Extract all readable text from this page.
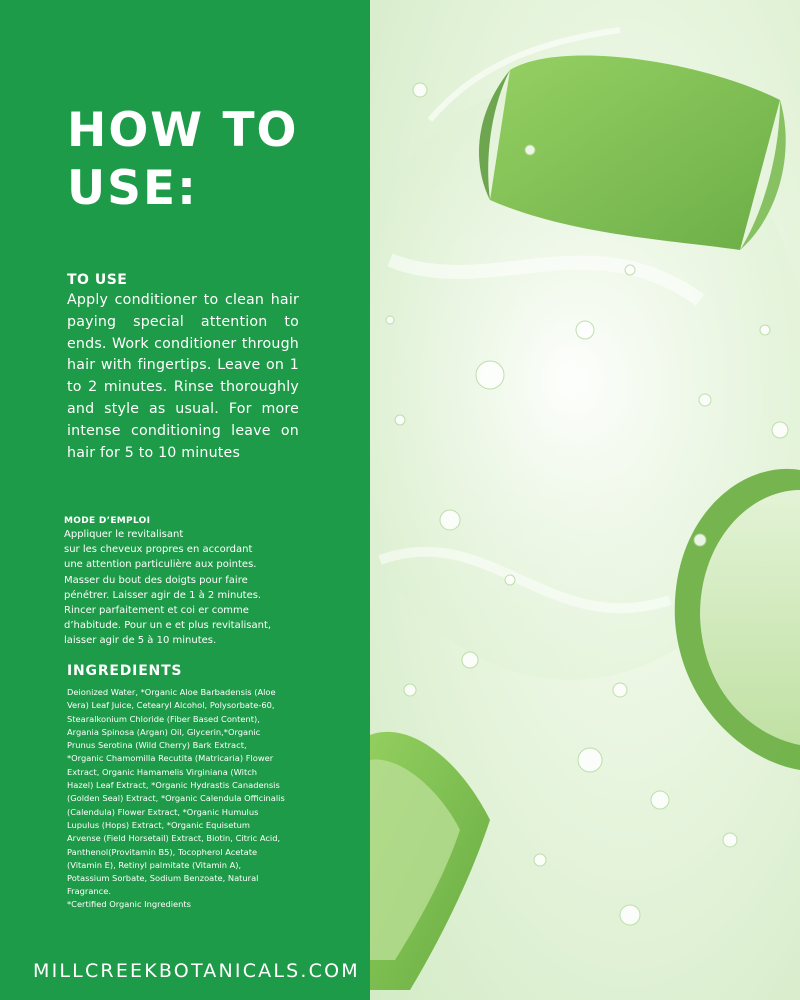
HOW TO
USE:
TO USE

Apply conditioner to clean hair paying special attention to ends. Work conditioner through hair with fingertips. Leave on 1 to 2 minutes. Rinse thoroughly and style as usual. For more intense conditioning leave on hair for 5 to 10 minutes

MODE D’EMPLOI

Appliquer le revitalisant
sur les cheveux propres en accordant
une attention particulière aux pointes.
Masser du bout des doigts pour faire
pénétrer. Laisser agir de 1 à 2 minutes.
Rincer parfaitement et coi er comme
d’habitude. Pour un e et plus revitalisant,
laisser agir de 5 à 10 minutes.

INGREDIENTS

Deionized Water, *Organic Aloe Barbadensis (Aloe
Vera) Leaf Juice, Cetearyl Alcohol, Polysorbate-60,
Stearalkonium Chloride (Fiber Based Content),
Argania Spinosa (Argan) Oil, Glycerin,*Organic
Prunus Serotina (Wild Cherry) Bark Extract,
*Organic Chamomilla Recutita (Matricaria) Flower
Extract, Organic Hamamelis Virginiana (Witch
Hazel) Leaf Extract, *Organic Hydrastis Canadensis
(Golden Seal) Extract, *Organic Calendula Officinalis
(Calendula) Flower Extract, *Organic Humulus
Lupulus (Hops) Extract, *Organic Equisetum
Arvense (Field Horsetail) Extract, Biotin, Citric Acid,
Panthenol(Provitamin B5), Tocopherol Acetate
(Vitamin E), Retinyl palmitate (Vitamin A),
Potassium Sorbate, Sodium Benzoate, Natural
Fragrance.

*Certified Organic Ingredients

MILLCREEKBOTANICALS.COM
